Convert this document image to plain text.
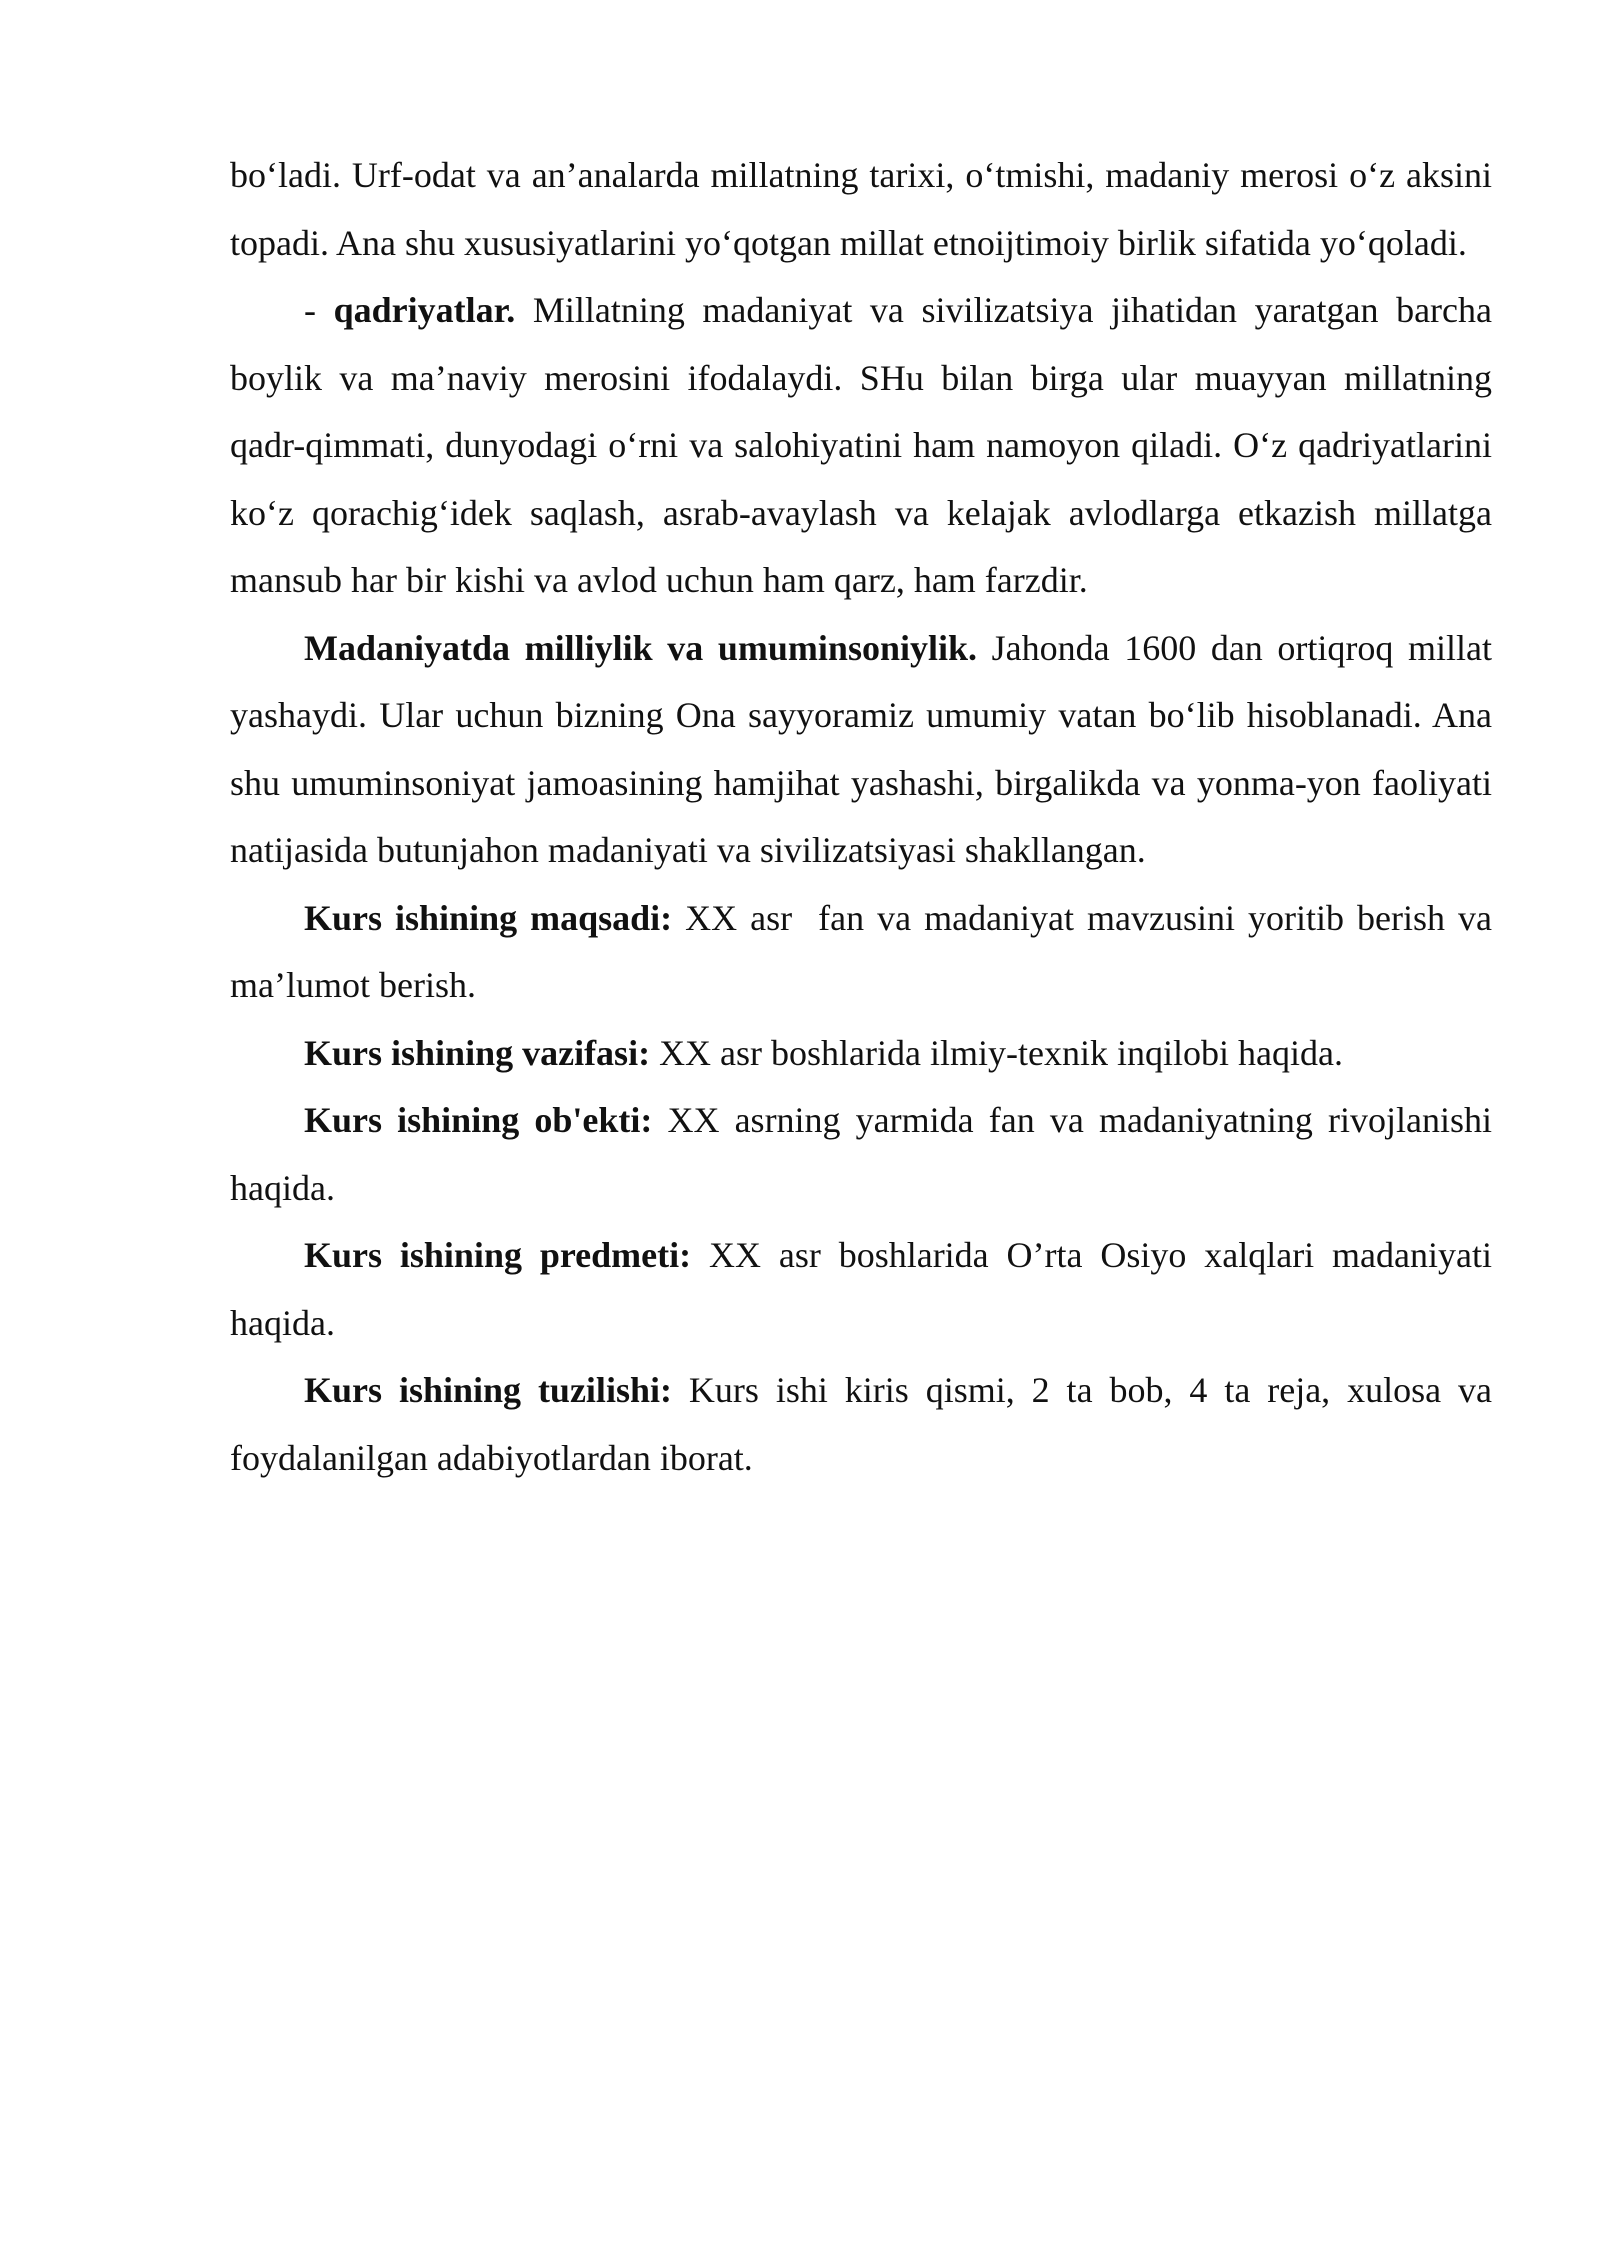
bo‘ladi. Urf-odat va an’analarda millatning tarixi, o‘tmishi, madaniy merosi o‘z aksini topadi. Ana shu xususiyatlarini yo‘qotgan millat etnoijtimoiy birlik sifatida yo‘qoladi.

- qadriyatlar. Millatning madaniyat va sivilizatsiya jihatidan yaratgan barcha boylik va ma’naviy merosini ifodalaydi. SHu bilan birga ular muayyan millatning qadr-qimmati, dunyodagi o‘rni va salohiyatini ham namoyon qiladi. O‘z qadriyatlarini ko‘z qorachig‘idek saqlash, asrab-avaylash va kelajak avlodlarga etkazish millatga mansub har bir kishi va avlod uchun ham qarz, ham farzdir.

Madaniyatda milliylik va umuminsoniylik. Jahonda 1600 dan ortiqroq millat yashaydi. Ular uchun bizning Ona sayyoramiz umumiy vatan bo‘lib hisoblanadi. Ana shu umuminsoniyat jamoasining hamjihat yashashi, birgalikda va yonma-yon faoliyati natijasida butunjahon madaniyati va sivilizatsiyasi shakllangan.

Kurs ishining maqsadi: XX asr  fan va madaniyat mavzusini yoritib berish va ma’lumot berish.

Kurs ishining vazifasi: XX asr boshlarida ilmiy-texnik inqilobi haqida.

Kurs ishining ob'ekti: XX asrning yarmida fan va madaniyatning rivojlanishi haqida.

Kurs ishining predmeti: XX asr boshlarida O’rta Osiyo xalqlari madaniyati haqida.

Kurs ishining tuzilishi: Kurs ishi kiris qismi, 2 ta bob, 4 ta reja, xulosa va foydalanilgan adabiyotlardan iborat.
